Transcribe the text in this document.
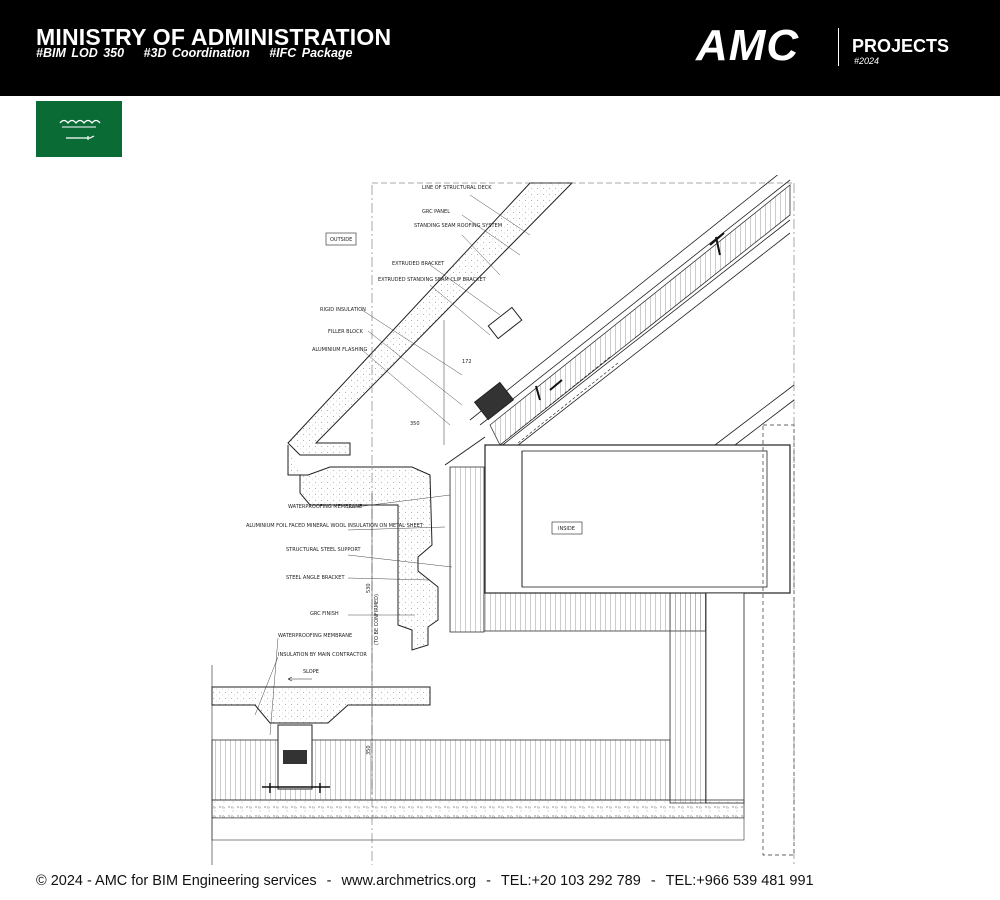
MINISTRY OF ADMINISTRATION
#BIM LOD 350 #3D Coordination #IFC Package	AMC	PROJECTS
#2024
OUTSIDE
INSIDE
SLOPE
LINE OF STRUCTURAL DECK
GRC PANEL
STANDING SEAM ROOFING SYSTEM
EXTRUDED BRACKET
EXTRUDED STANDING SEAM CLIP BRACKET
RIGID INSULATION
FILLER BLOCK
ALUMINIUM FLASHING
WATERPROOFING MEMBRANE
ALUMINIUM FOIL FACED MINERAL WOOL INSULATION ON METAL SHEET
STRUCTURAL STEEL SUPPORT
STEEL ANGLE BRACKET
GRC FINISH
WATERPROOFING MEMBRANE
INSULATION BY MAIN CONTRACTOR
172
350
530
350
(TO BE CONFIRMED)
© 2024 - AMC for BIM Engineering services - www.archmetrics.org - TEL:+20 103 292 789 - TEL:+966 539 481 991
